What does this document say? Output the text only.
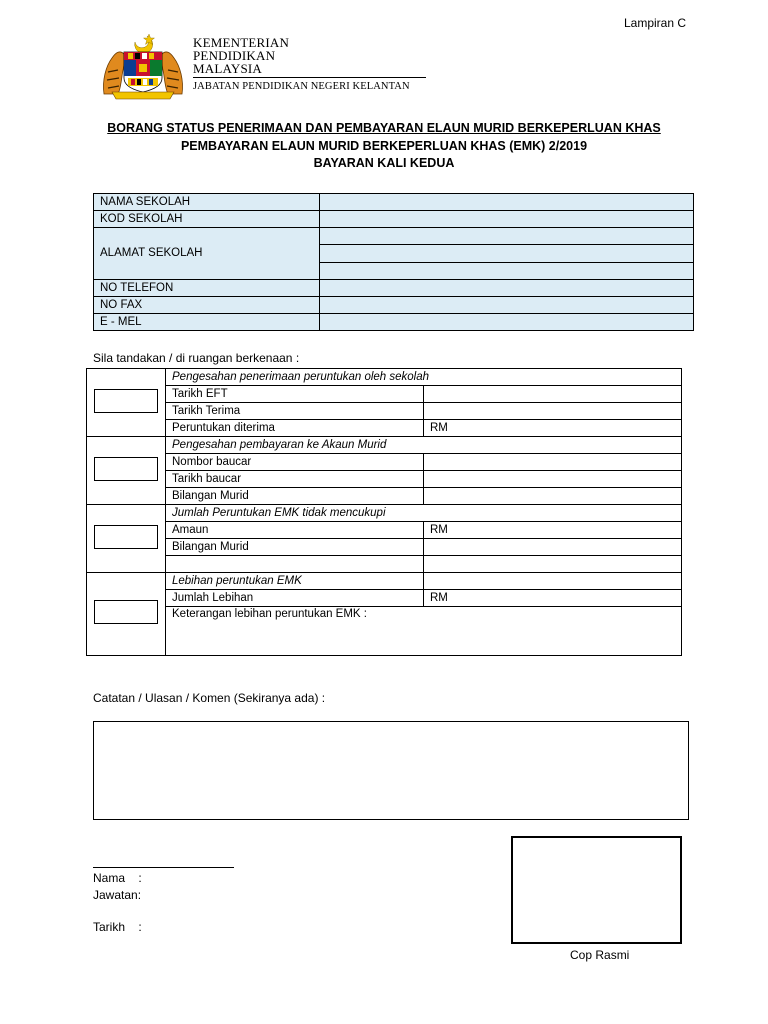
Lampiran C
KEMENTERIAN
PENDIDIKAN
MALAYSIA
JABATAN PENDIDIKAN NEGERI KELANTAN
BORANG STATUS PENERIMAAN DAN PEMBAYARAN ELAUN MURID BERKEPERLUAN KHAS
PEMBAYARAN ELAUN MURID BERKEPERLUAN KHAS (EMK) 2/2019
BAYARAN KALI KEDUA
NAMA SEKOLAH	
KOD SEKOLAH	
ALAMAT SEKOLAH	

NO TELEFON	
NO FAX	
E - MEL	
Sila tandakan / di ruangan berkenaan :
	Pengesahan penerimaan peruntukan oleh sekolah	
	Tarikh EFT	
	Tarikh Terima	
	Peruntukan diterima	RM
	Pengesahan pembayaran ke Akaun Murid	
	Nombor baucar	
	Tarikh baucar	
	Bilangan Murid	
	Jumlah Peruntukan EMK tidak mencukupi	
	Amaun	RM
	Bilangan Murid	

	Lebihan peruntukan EMK	
	Jumlah Lebihan	RM
	Keterangan lebihan peruntukan EMK :	
Catatan / Ulasan / Komen (Sekiranya ada) :
Nama    :
Jawatan:
Tarikh    :
Cop Rasmi
